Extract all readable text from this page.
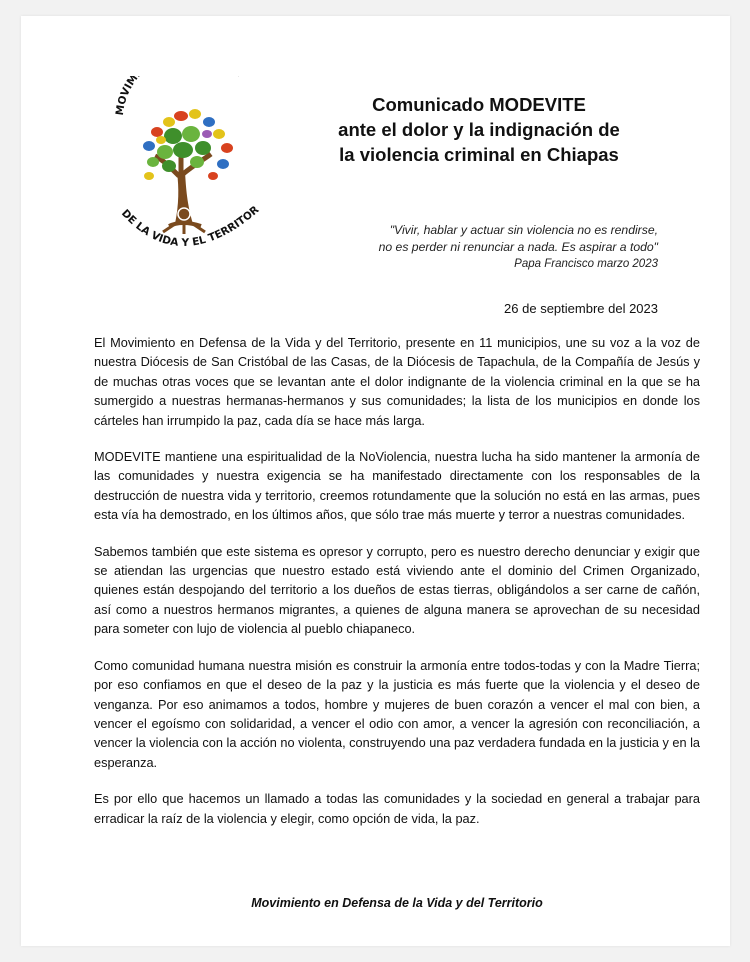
MOVIM
DE LA VIDA Y EL TERRITOR
Comunicado MODEVITE
ante el dolor y la indignación de
la violencia criminal en Chiapas
"Vivir, hablar y actuar sin violencia no es rendirse,
no es perder ni renunciar a nada. Es aspirar a todo"
Papa Francisco marzo 2023
26 de septiembre del 2023

El Movimiento en Defensa de la Vida y del Territorio, presente en 11 municipios, une su voz a la voz de nuestra Diócesis de San Cristóbal de las Casas, de la Diócesis de Tapachula, de la Compañía de Jesús y de muchas otras voces que se levantan ante el dolor indignante de la violencia criminal en la que se ha sumergido a nuestras hermanas-hermanos y sus comunidades; la lista de los municipios en donde los cárteles han irrumpido la paz, cada día se hace más larga.

MODEVITE mantiene una espiritualidad de la NoViolencia, nuestra lucha ha sido mantener la armonía de las comunidades y nuestra exigencia se ha manifestado directamente con los responsables de la destrucción de nuestra vida y territorio, creemos rotundamente que la solución no está en las armas, pues esta vía ha demostrado, en los últimos años, que sólo trae más muerte y terror a nuestras comunidades.

Sabemos también que este sistema es opresor y corrupto, pero es nuestro derecho denunciar y exigir que se atiendan las urgencias que nuestro estado está viviendo ante el dominio del Crimen Organizado, quienes están despojando del territorio a los dueños de estas tierras, obligándolos a ser carne de cañón, así como a nuestros hermanos migrantes, a quienes de alguna manera se aprovechan de su necesidad para someter con lujo de violencia al pueblo chiapaneco.

Como comunidad humana nuestra misión es construir la armonía entre todos-todas y con la Madre Tierra; por eso confiamos en que el deseo de la paz y la justicia es más fuerte que la violencia y el deseo de venganza. Por eso animamos a todos, hombre y mujeres de buen corazón a vencer el mal con bien, a vencer el egoísmo con solidaridad, a vencer el odio con amor, a vencer la agresión con reconciliación, a vencer la violencia con la acción no violenta, construyendo una paz verdadera fundada en la justicia y en la esperanza.

Es por ello que hacemos un llamado a todas las comunidades y la sociedad en general a trabajar para erradicar la raíz de la violencia y elegir, como opción de vida, la paz.

Movimiento en Defensa de la Vida y del Territorio
